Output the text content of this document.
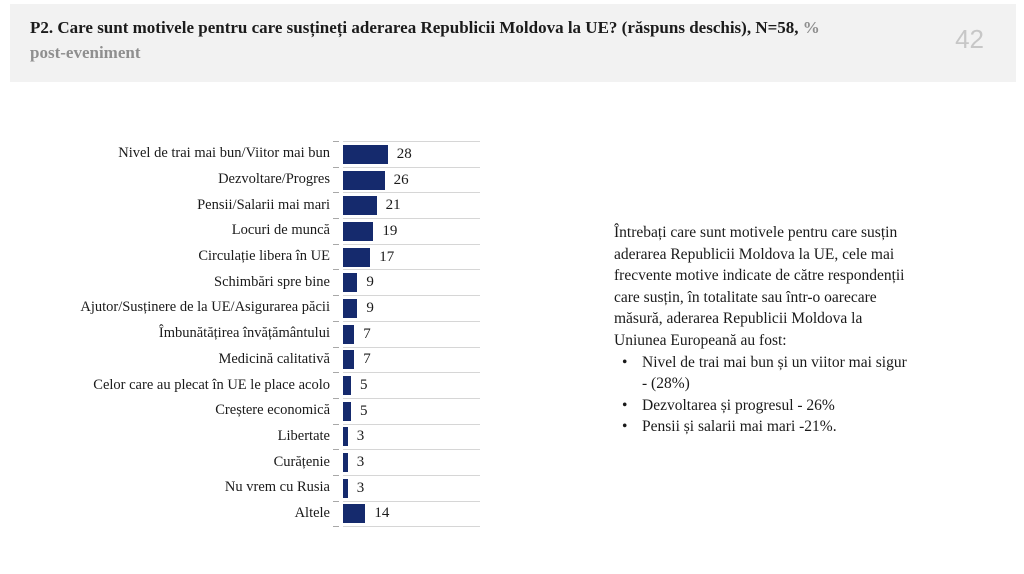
P2. Care sunt motivele pentru care susțineți aderarea Republicii Moldova la UE? (răspuns deschis), N=58, %
post-eveniment	42
Nivel de trai mai bun/Viitor mai bun	28
Dezvoltare/Progres	26
Pensii/Salarii mai mari	21
Locuri de muncă	19
Circulație libera în UE	17
Schimbări spre bine 9
Ajutor/Susținere de la UE/Asigurarea păcii 9
Îmbunătățirea învățământului 7
Medicină calitativă 7
Celor care au plecat în UE le place acolo 5
Creștere economică 5
Libertate 3
Curățenie 3
Nu vrem cu Rusia 3
Altele	14

Întrebați care sunt motivele pentru care susțin aderarea Republicii Moldova la UE, cele mai frecvente motive indicate de către respondenții care susțin, în totalitate sau într-o oarecare măsură, aderarea Republicii Moldova la Uniunea Europeană au fost:

• Nivel de trai mai bun și un viitor mai sigur - (28%)
• Dezvoltarea și progresul - 26%
• Pensii și salarii mai mari -21%.
